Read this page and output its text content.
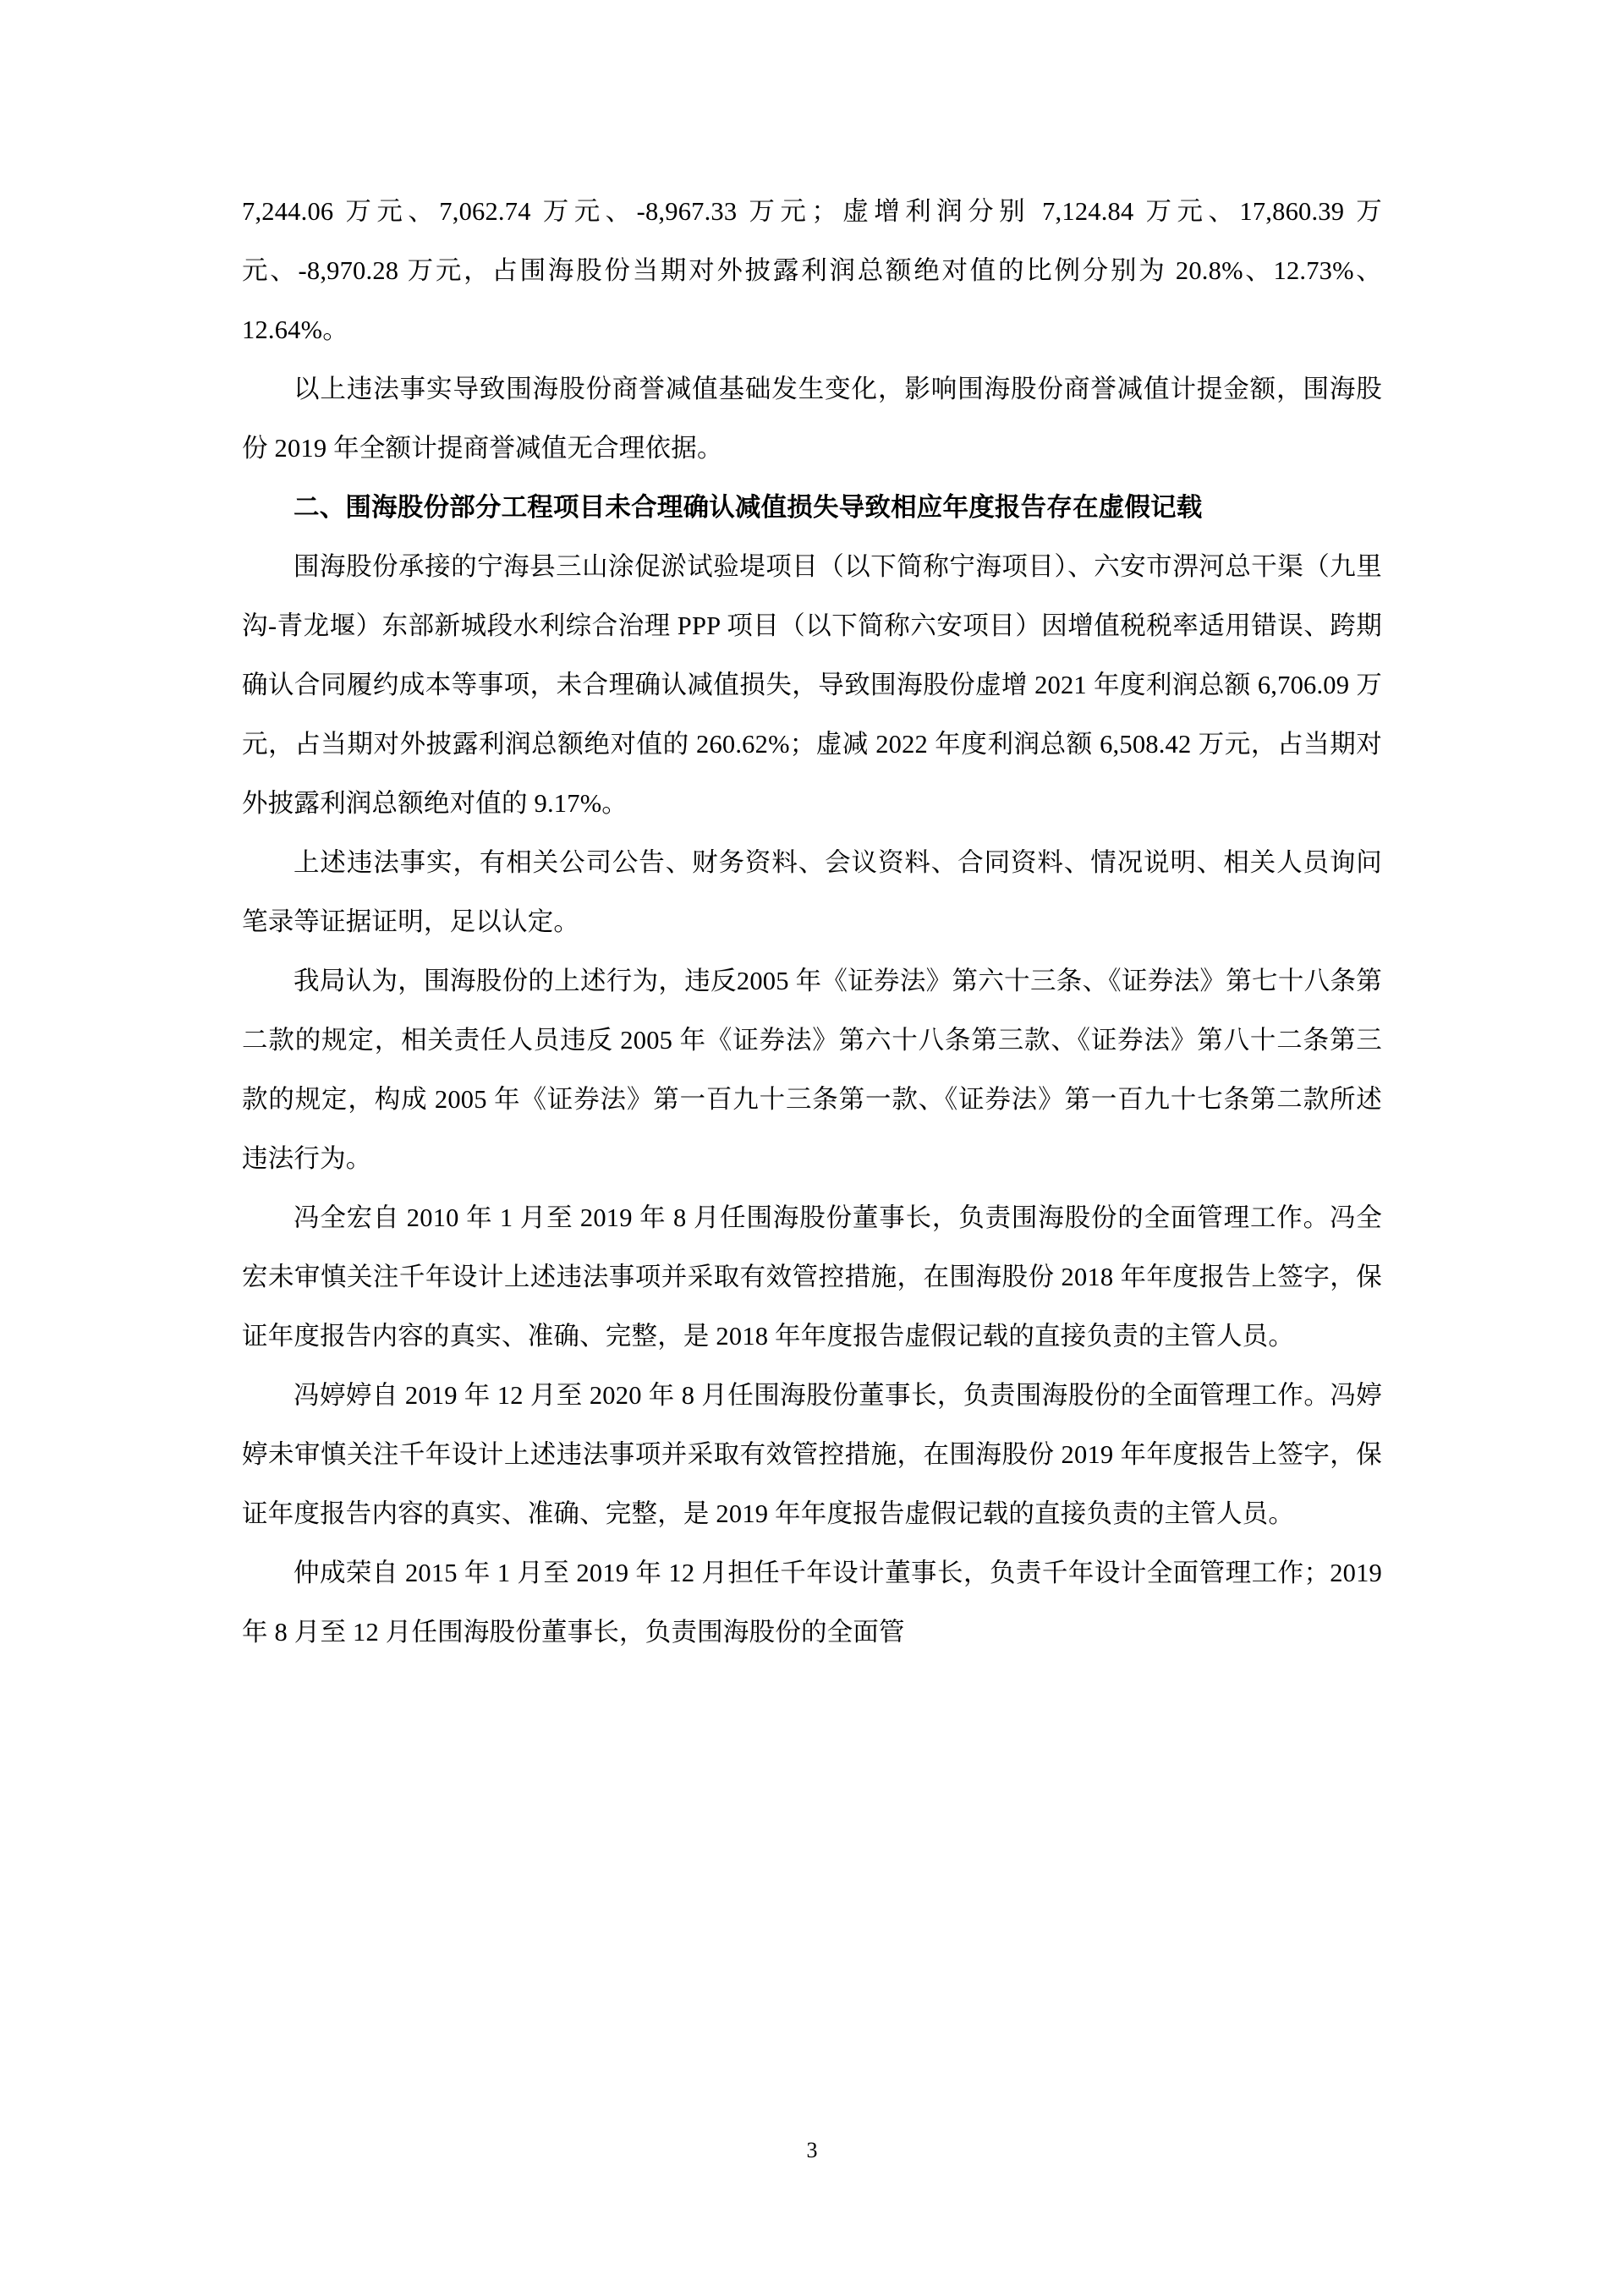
7,244.06 万元、7,062.74 万元、-8,967.33 万元；虚增利润分别 7,124.84 万元、17,860.39 万元、-8,970.28 万元，占围海股份当期对外披露利润总额绝对值的比例分别为 20.8%、12.73%、12.64%。

以上违法事实导致围海股份商誉减值基础发生变化，影响围海股份商誉减值计提金额，围海股份 2019 年全额计提商誉减值无合理依据。

二、围海股份部分工程项目未合理确认减值损失导致相应年度报告存在虚假记载

围海股份承接的宁海县三山涂促淤试验堤项目（以下简称宁海项目）、六安市淠河总干渠（九里沟-青龙堰）东部新城段水利综合治理 PPP 项目（以下简称六安项目）因增值税税率适用错误、跨期确认合同履约成本等事项，未合理确认减值损失，导致围海股份虚增 2021 年度利润总额 6,706.09 万元，占当期对外披露利润总额绝对值的 260.62%；虚减 2022 年度利润总额 6,508.42 万元，占当期对外披露利润总额绝对值的 9.17%。

上述违法事实，有相关公司公告、财务资料、会议资料、合同资料、情况说明、相关人员询问笔录等证据证明，足以认定。

我局认为，围海股份的上述行为，违反2005 年《证券法》第六十三条、《证券法》第七十八条第二款的规定，相关责任人员违反 2005 年《证券法》第六十八条第三款、《证券法》第八十二条第三款的规定，构成 2005 年《证券法》第一百九十三条第一款、《证券法》第一百九十七条第二款所述违法行为。

冯全宏自 2010 年 1 月至 2019 年 8 月任围海股份董事长，负责围海股份的全面管理工作。冯全宏未审慎关注千年设计上述违法事项并采取有效管控措施，在围海股份 2018 年年度报告上签字，保证年度报告内容的真实、准确、完整，是 2018 年年度报告虚假记载的直接负责的主管人员。

冯婷婷自 2019 年 12 月至 2020 年 8 月任围海股份董事长，负责围海股份的全面管理工作。冯婷婷未审慎关注千年设计上述违法事项并采取有效管控措施，在围海股份 2019 年年度报告上签字，保证年度报告内容的真实、准确、完整，是 2019 年年度报告虚假记载的直接负责的主管人员。

仲成荣自 2015 年 1 月至 2019 年 12 月担任千年设计董事长，负责千年设计全面管理工作；2019 年 8 月至 12 月任围海股份董事长，负责围海股份的全面管

3
